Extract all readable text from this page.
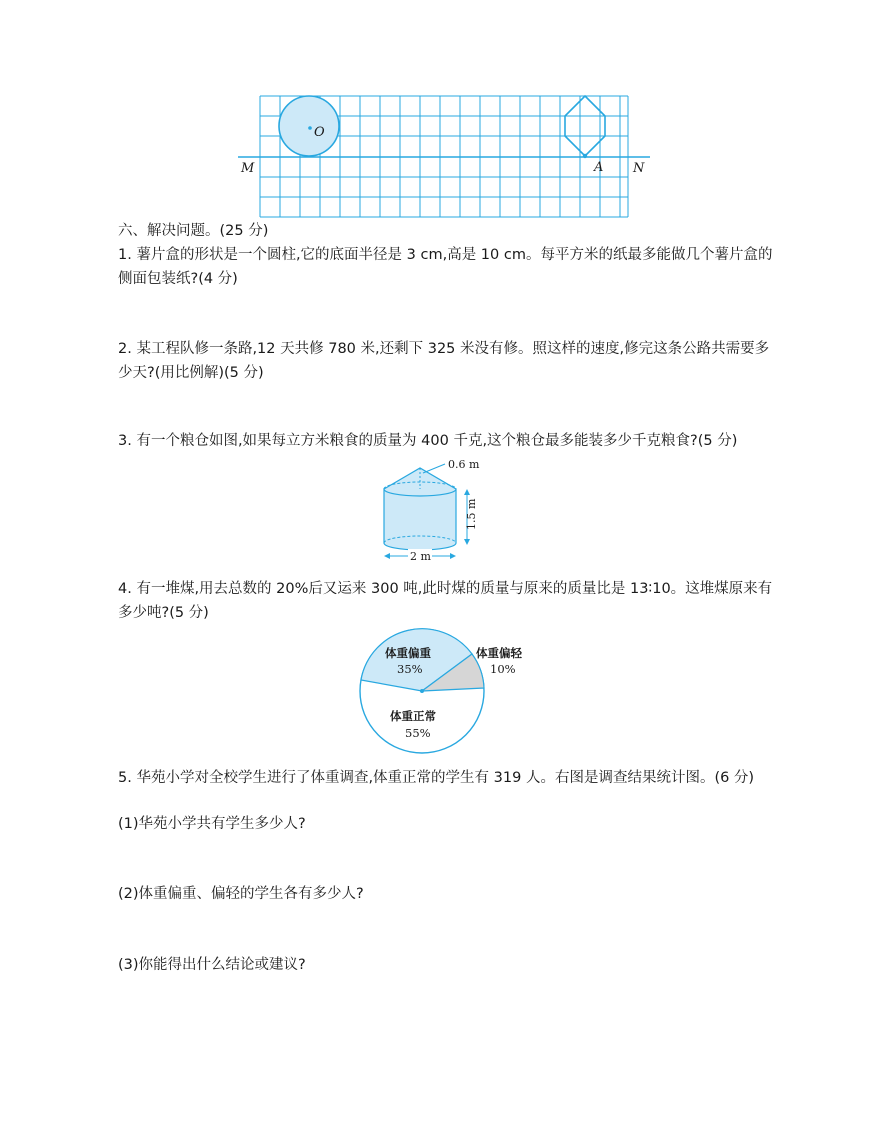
O
M	A N

六、解决问题。(25 分)

1. 薯片盒的形状是一个圆柱,它的底面半径是 3 cm,高是 10 cm。每平方米的纸最多能做几个薯片盒的侧面包装纸?(4 分)

2. 某工程队修一条路,12 天共修 780 米,还剩下 325 米没有修。照这样的速度,修完这条公路共需要多少天?(用比例解)(5 分)

3. 有一个粮仓如图,如果每立方米粮食的质量为 400 千克,这个粮仓最多能装多少千克粮食?(5 分)

0.6 m
1.5 m
2 m

4. 有一堆煤,用去总数的 20%后又运来 300 吨,此时煤的质量与原来的质量比是 13∶10。这堆煤原来有多少吨?(5 分)

体重偏重
35%
体重偏轻
10%
体重正常
55%

5. 华苑小学对全校学生进行了体重调查,体重正常的学生有 319 人。右图是调查结果统计图。(6 分)

(1)华苑小学共有学生多少人?

(2)体重偏重、偏轻的学生各有多少人?

(3)你能得出什么结论或建议?
